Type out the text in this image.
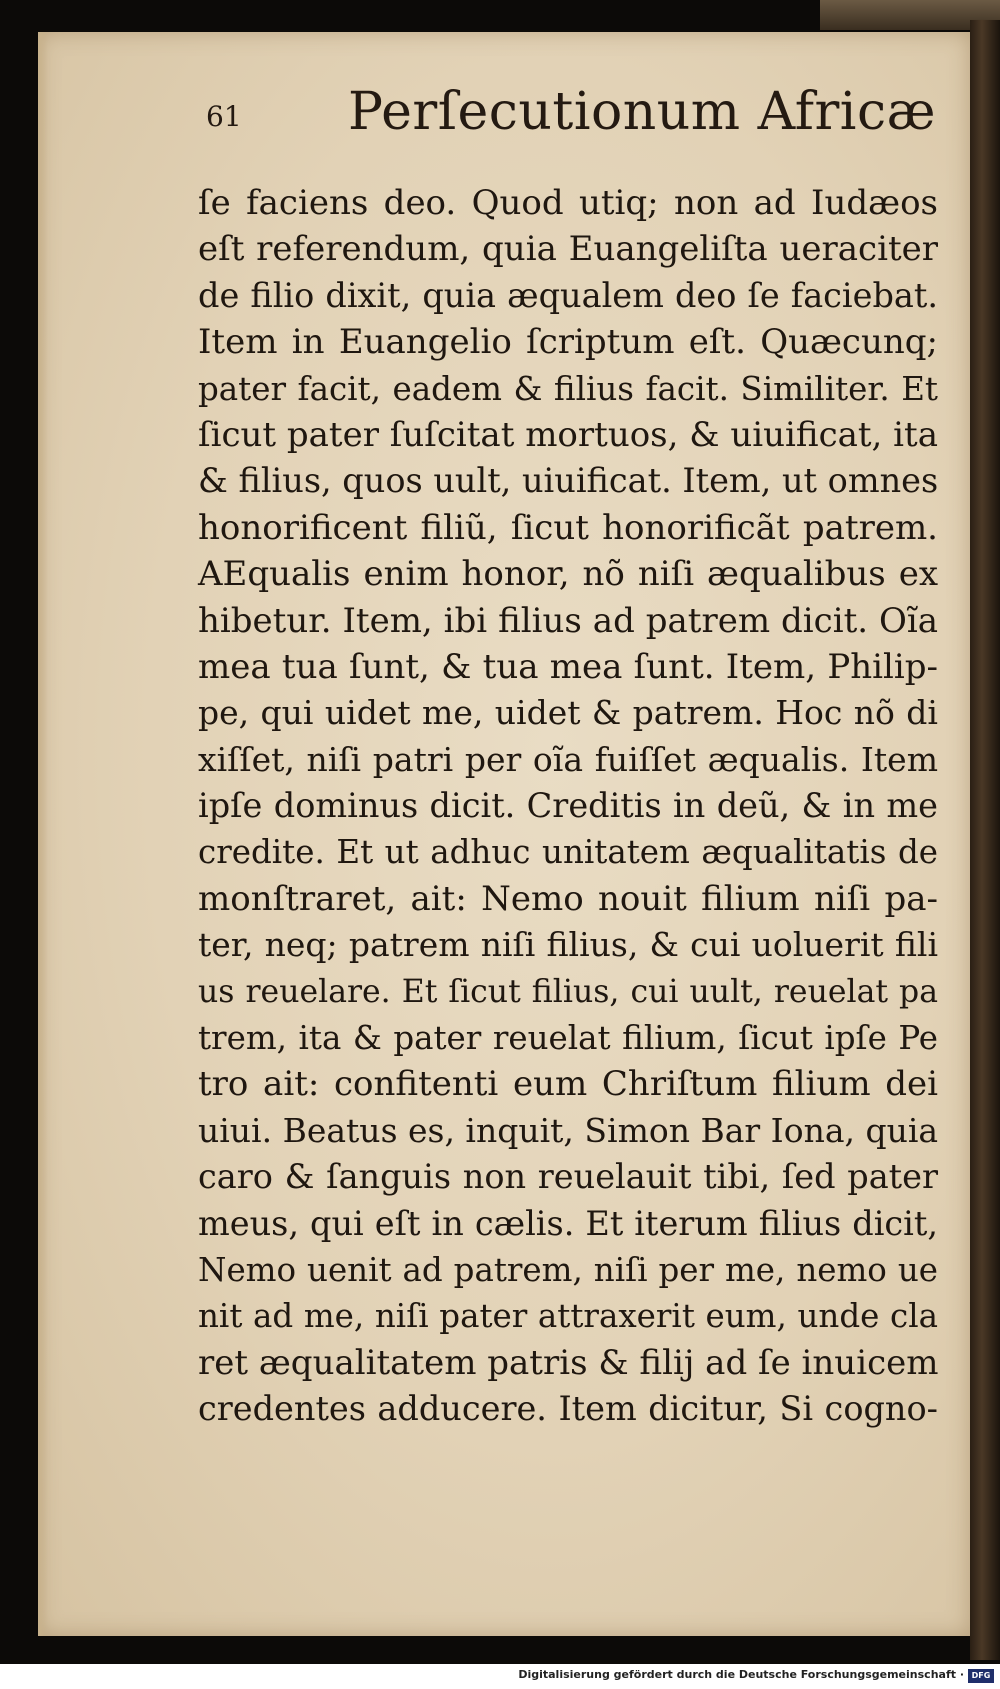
61 Perſecutionum Africæ
ſe faciens deo. Quod utiq; non ad Iudæos
eſt referendum, quia Euangeliſta ueraciter
de filio dixit, quia æqualem deo ſe faciebat.
Item in Euangelio ſcriptum eſt. Quæcunq;
pater facit, eadem & filius facit. Similiter. Et
ſicut pater ſuſcitat mortuos, & uiuificat, ita
& filius, quos uult, uiuificat. Item, ut omnes
honorificent filiũ, ſicut honorificãt patrem.
AEqualis enim honor, nõ niſi æqualibus ex
hibetur. Item, ibi filius ad patrem dicit. Oĩa
mea tua ſunt, & tua mea ſunt. Item, Philip-
pe, qui uidet me, uidet & patrem. Hoc nõ di
xiſſet, niſi patri per oĩa fuiſſet æqualis. Item
ipſe dominus dicit. Creditis in deũ, & in me
credite. Et ut adhuc unitatem æqualitatis de
monſtraret, ait: Nemo nouit filium niſi pa-
ter, neq; patrem niſi filius, & cui uoluerit fili
us reuelare. Et ſicut filius, cui uult, reuelat pa
trem, ita & pater reuelat filium, ſicut ipſe Pe
tro ait: confitenti eum Chriſtum filium dei
uiui. Beatus es, inquit, Simon Bar Iona, quia
caro & ſanguis non reuelauit tibi, ſed pater
meus, qui eſt in cælis. Et iterum filius dicit,
Nemo uenit ad patrem, niſi per me, nemo ue
nit ad me, niſi pater attraxerit eum, unde cla
ret æqualitatem patris & filij ad ſe inuicem
credentes adducere. Item dicitur, Si cogno-
Digitalisierung gefördert durch die Deutsche Forschungsgemeinschaft · DFG
